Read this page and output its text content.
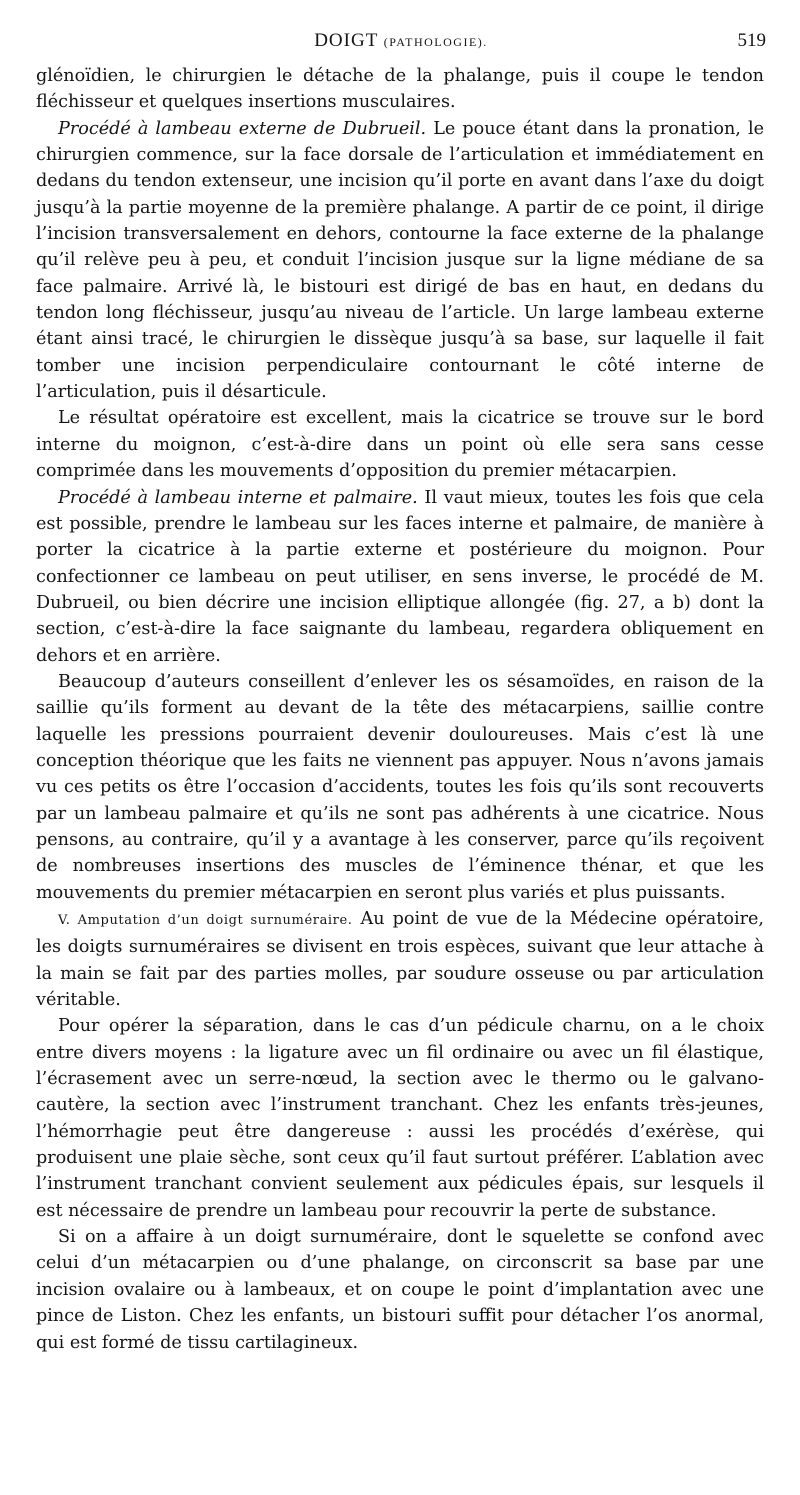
DOIGT (PATHOLOGIE).	519

glénoïdien, le chirurgien le détache de la phalange, puis il coupe le tendon fléchisseur et quelques insertions musculaires.

Procédé à lambeau externe de Dubrueil. Le pouce étant dans la pronation, le chirurgien commence, sur la face dorsale de l’articulation et immédiatement en dedans du tendon extenseur, une incision qu’il porte en avant dans l’axe du doigt jusqu’à la partie moyenne de la première phalange. A partir de ce point, il dirige l’incision transversalement en dehors, contourne la face externe de la phalange qu’il relève peu à peu, et conduit l’incision jusque sur la ligne médiane de sa face palmaire. Arrivé là, le bistouri est dirigé de bas en haut, en dedans du tendon long fléchisseur, jusqu’au niveau de l’article. Un large lambeau externe étant ainsi tracé, le chirurgien le dissèque jusqu’à sa base, sur laquelle il fait tomber une incision perpendiculaire contournant le côté interne de l’articulation, puis il désarticule.

Le résultat opératoire est excellent, mais la cicatrice se trouve sur le bord interne du moignon, c’est-à-dire dans un point où elle sera sans cesse comprimée dans les mouvements d’opposition du premier métacarpien.

Procédé à lambeau interne et palmaire. Il vaut mieux, toutes les fois que cela est possible, prendre le lambeau sur les faces interne et palmaire, de manière à porter la cicatrice à la partie externe et postérieure du moignon. Pour confectionner ce lambeau on peut utiliser, en sens inverse, le procédé de M. Dubrueil, ou bien décrire une incision elliptique allongée (fig. 27, a b) dont la section, c’est-à-dire la face saignante du lambeau, regardera obliquement en dehors et en arrière.

Beaucoup d’auteurs conseillent d’enlever les os sésamoïdes, en raison de la saillie qu’ils forment au devant de la tête des métacarpiens, saillie contre laquelle les pressions pourraient devenir douloureuses. Mais c’est là une conception théorique que les faits ne viennent pas appuyer. Nous n’avons jamais vu ces petits os être l’occasion d’accidents, toutes les fois qu’ils sont recouverts par un lambeau palmaire et qu’ils ne sont pas adhérents à une cicatrice. Nous pensons, au contraire, qu’il y a avantage à les conserver, parce qu’ils reçoivent de nombreuses insertions des muscles de l’éminence thénar, et que les mouvements du premier métacarpien en seront plus variés et plus puissants.

V. Amputation d’un doigt surnuméraire. Au point de vue de la Médecine opératoire, les doigts surnuméraires se divisent en trois espèces, suivant que leur attache à la main se fait par des parties molles, par soudure osseuse ou par articulation véritable.

Pour opérer la séparation, dans le cas d’un pédicule charnu, on a le choix entre divers moyens : la ligature avec un fil ordinaire ou avec un fil élastique, l’écrasement avec un serre-nœud, la section avec le thermo ou le galvano-cautère, la section avec l’instrument tranchant. Chez les enfants très-jeunes, l’hémorrhagie peut être dangereuse : aussi les procédés d’exérèse, qui produisent une plaie sèche, sont ceux qu’il faut surtout préférer. L’ablation avec l’instrument tranchant convient seulement aux pédicules épais, sur lesquels il est nécessaire de prendre un lambeau pour recouvrir la perte de substance.

Si on a affaire à un doigt surnuméraire, dont le squelette se confond avec celui d’un métacarpien ou d’une phalange, on circonscrit sa base par une incision ovalaire ou à lambeaux, et on coupe le point d’implantation avec une pince de Liston. Chez les enfants, un bistouri suffit pour détacher l’os anormal, qui est formé de tissu cartilagineux.
